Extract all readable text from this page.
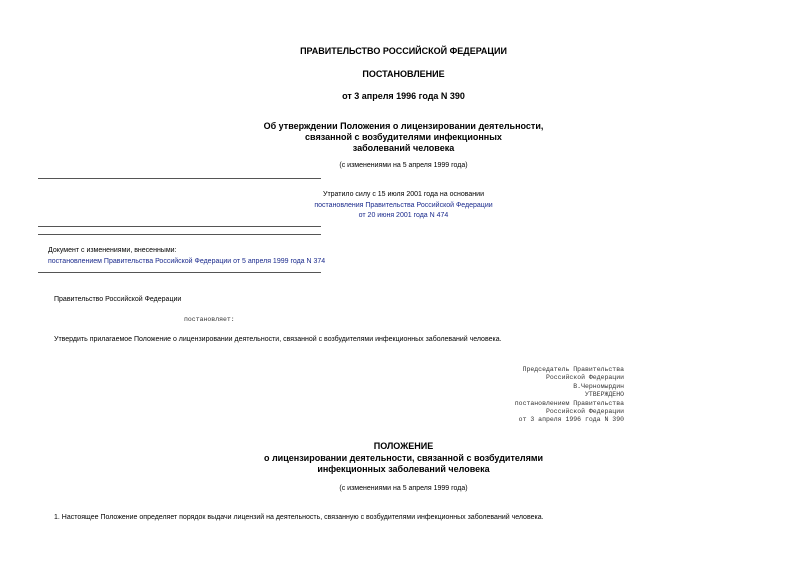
ПРАВИТЕЛЬСТВО РОССИЙСКОЙ ФЕДЕРАЦИИ
ПОСТАНОВЛЕНИЕ
от 3 апреля 1996 года N 390
Об утверждении Положения о лицензировании деятельности,
связанной с возбудителями инфекционных
заболеваний человека
(с изменениями на 5 апреля 1999 года)
Утратило силу с 15 июля 2001 года на основании
постановления Правительства Российской Федерации
от 20 июня 2001 года N 474
Документ с изменениями, внесенными:
постановлением Правительства Российской Федерации от 5 апреля 1999 года N 374
Правительство Российской Федерации
постановляет:
Утвердить прилагаемое Положение о лицензировании деятельности, связанной с возбудителями инфекционных заболеваний человека.
Председатель Правительства
Российской Федерации
В.Черномырдин
УТВЕРЖДЕНО
постановлением Правительства
Российской Федерации
от 3 апреля 1996 года N 390
ПОЛОЖЕНИЕ
о лицензировании деятельности, связанной с возбудителями
инфекционных заболеваний человека
(с изменениями на 5 апреля 1999 года)
1. Настоящее Положение определяет порядок выдачи лицензий на деятельность, связанную с возбудителями инфекционных заболеваний человека.
